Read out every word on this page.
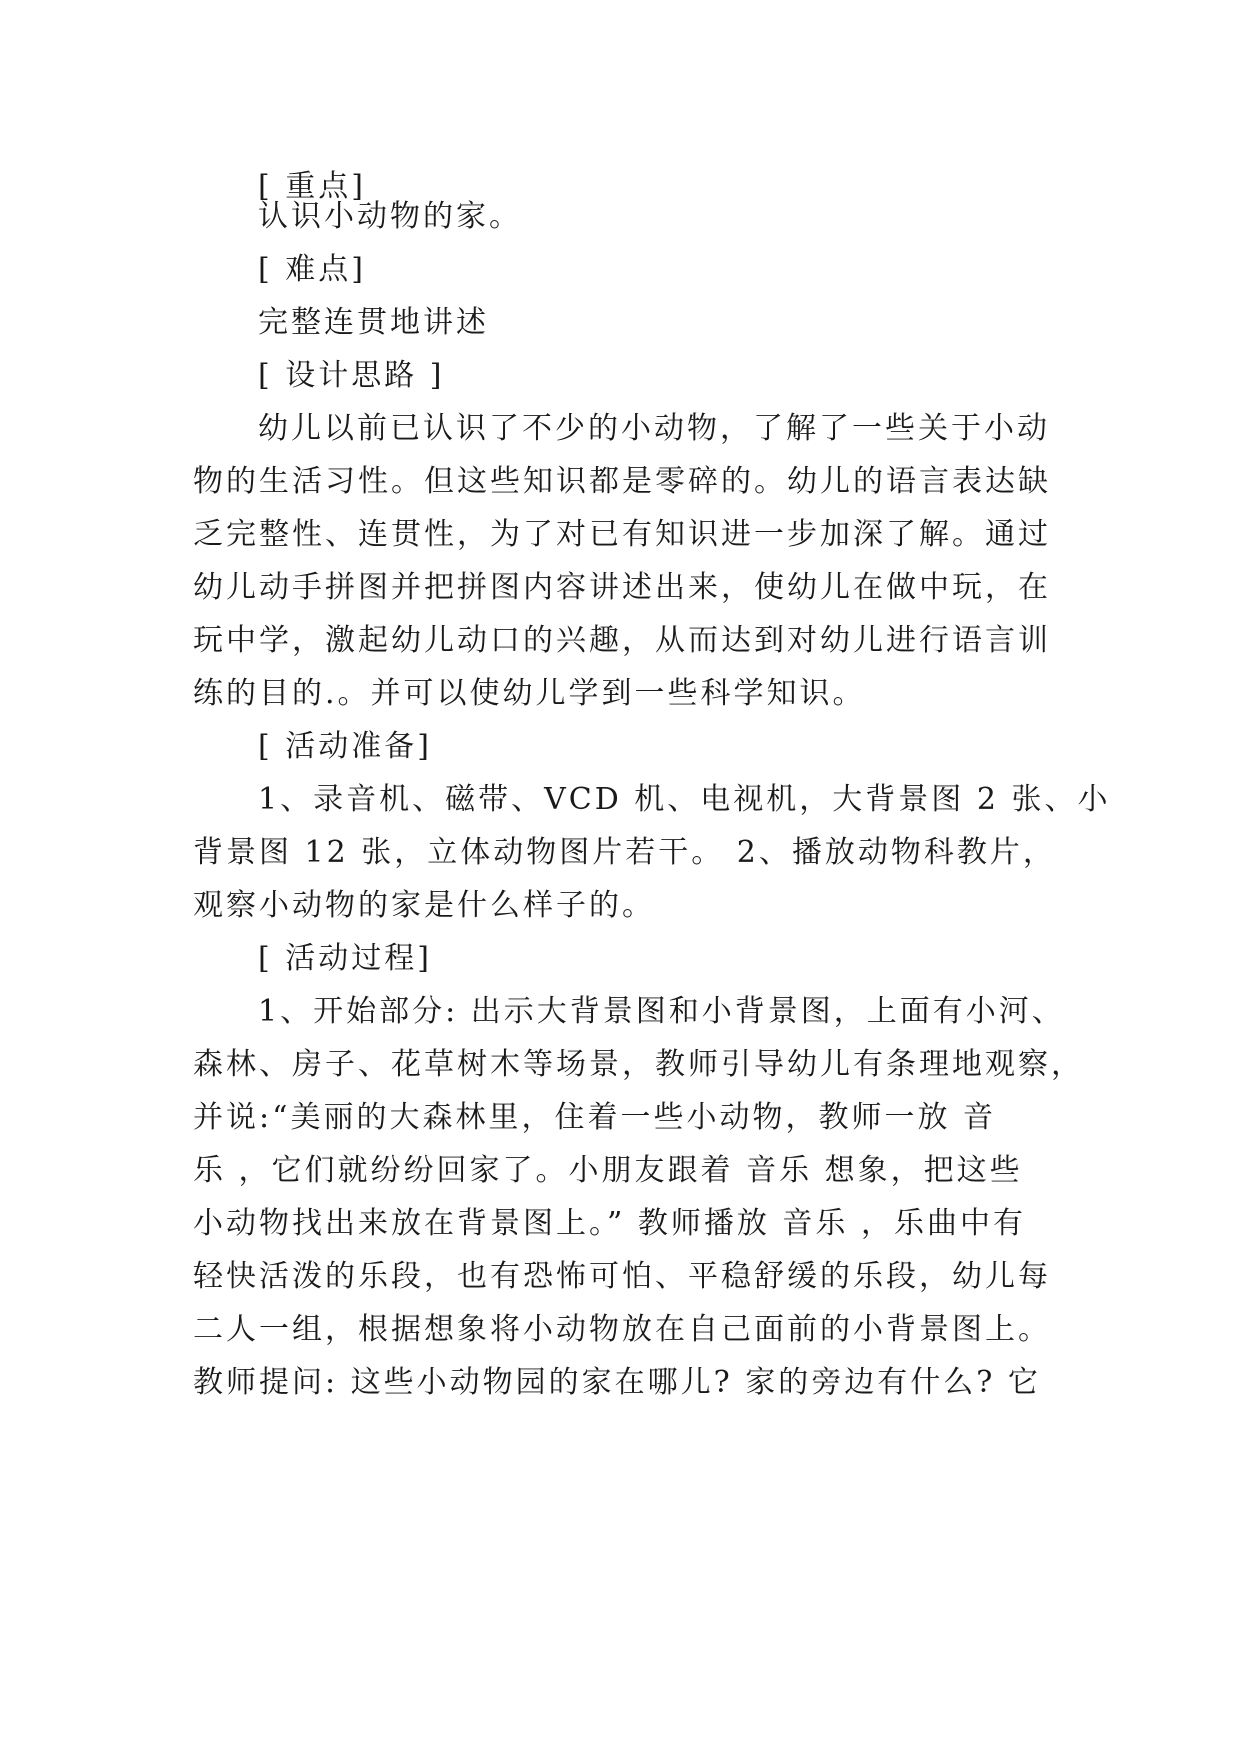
[ 重点]
认识小动物的家。
[ 难点]
完整连贯地讲述
[ 设计思路 ]
幼儿以前已认识了不少的小动物，了解了一些关于小动
物的生活习性。但这些知识都是零碎的。幼儿的语言表达缺
乏完整性、连贯性，为了对已有知识进一步加深了解。通过
幼儿动手拼图并把拼图内容讲述出来，使幼儿在做中玩，在
玩中学，激起幼儿动口的兴趣，从而达到对幼儿进行语言训
练的目的.。并可以使幼儿学到一些科学知识。
[ 活动准备]
1、录音机、磁带、VCD 机、电视机，大背景图 2 张、小
背景图 12 张，立体动物图片若干。 2、播放动物科教片，
观察小动物的家是什么样子的。
[ 活动过程]
1、开始部分: 出示大背景图和小背景图，上面有小河、
森林、房子、花草树木等场景，教师引导幼儿有条理地观察，
并说:“美丽的大森林里，住着一些小动物，教师一放 音
乐 ，它们就纷纷回家了。小朋友跟着 音乐 想象，把这些
小动物找出来放在背景图上。” 教师播放 音乐 ，乐曲中有
轻快活泼的乐段，也有恐怖可怕、平稳舒缓的乐段，幼儿每
二人一组，根据想象将小动物放在自己面前的小背景图上。
教师提问: 这些小动物园的家在哪儿? 家的旁边有什么? 它
